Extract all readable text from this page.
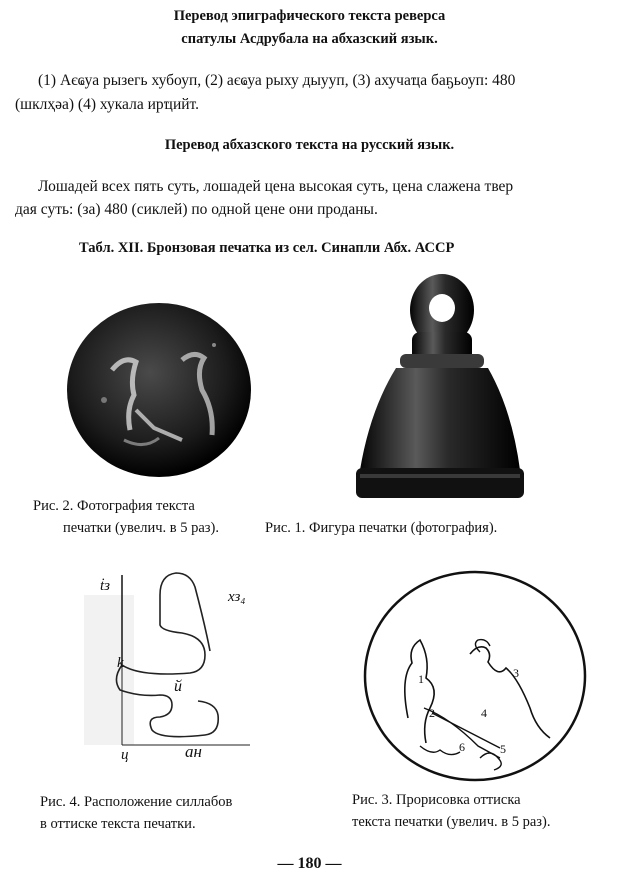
Перевод эпиграфического текста реверса
спатулы Асдрубала на абхазский язык.
(1) Аєҩуа рызегь хубоуп, (2) аєҩуа рыху дыууп, (3) ахучаҵа баҕьоуп: 480
(шклҳәа) (4) хукала ирҵийт.
Перевод абхазского текста на русский язык.
Лошадей всех пять суть, лошадей цена высокая суть, цена слажена твер
дая суть: (за) 480 (сиклей) по одной цене они проданы.
Табл. XII. Бронзовая печатка из сел. Синапли Абх. АССР
Рис. 2. Фотография текста
печатки (увелич. в 5 раз).	Рис. 1. Фигура печатки (фотография).
ṫз
хз₄
k
й
ц	ан
1
2
3
4
5
6
Рис. 4. Расположение силлабов
в оттиске текста печатки.
Рис. 3. Прорисовка оттиска
текста печатки (увелич. в 5 раз).
— 180 —
